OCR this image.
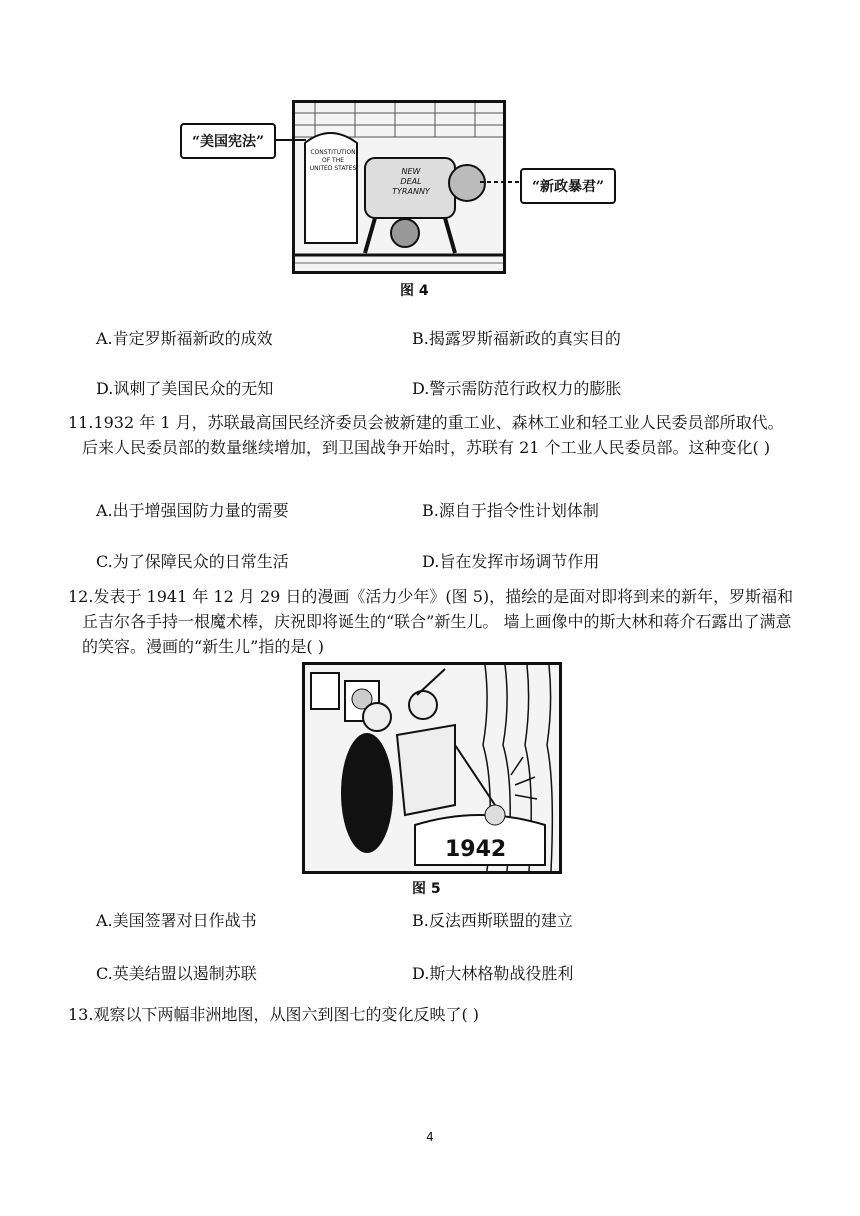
CONSTITUTION
OF THE
UNITED STATES	NEW
DEAL
TYRANNY
“美国宪法”
“新政暴君”
图 4
A.肯定罗斯福新政的成效	B.揭露罗斯福新政的真实目的
D.讽刺了美国民众的无知	D.警示需防范行政权力的膨胀

11.1932 年 1 月，苏联最高国民经济委员会被新建的重工业、森林工业和轻工业人民委员部所取代。后来人民委员部的数量继续增加，到卫国战争开始时，苏联有 21 个工业人民委员部。这种变化( )

A.出于增强国防力量的需要	B.源自于指令性计划体制
C.为了保障民众的日常生活	D.旨在发挥市场调节作用

12.发表于 1941 年 12 月 29 日的漫画《活力少年》(图 5)，描绘的是面对即将到来的新年，罗斯福和丘吉尔各手持一根魔术棒，庆祝即将诞生的“联合”新生儿。 墙上画像中的斯大林和蒋介石露出了满意的笑容。漫画的“新生儿”指的是( )

1942
图 5
A.美国签署对日作战书	B.反法西斯联盟的建立
C.英美结盟以遏制苏联	D.斯大林格勒战役胜利

13.观察以下两幅非洲地图，从图六到图七的变化反映了( )

4
